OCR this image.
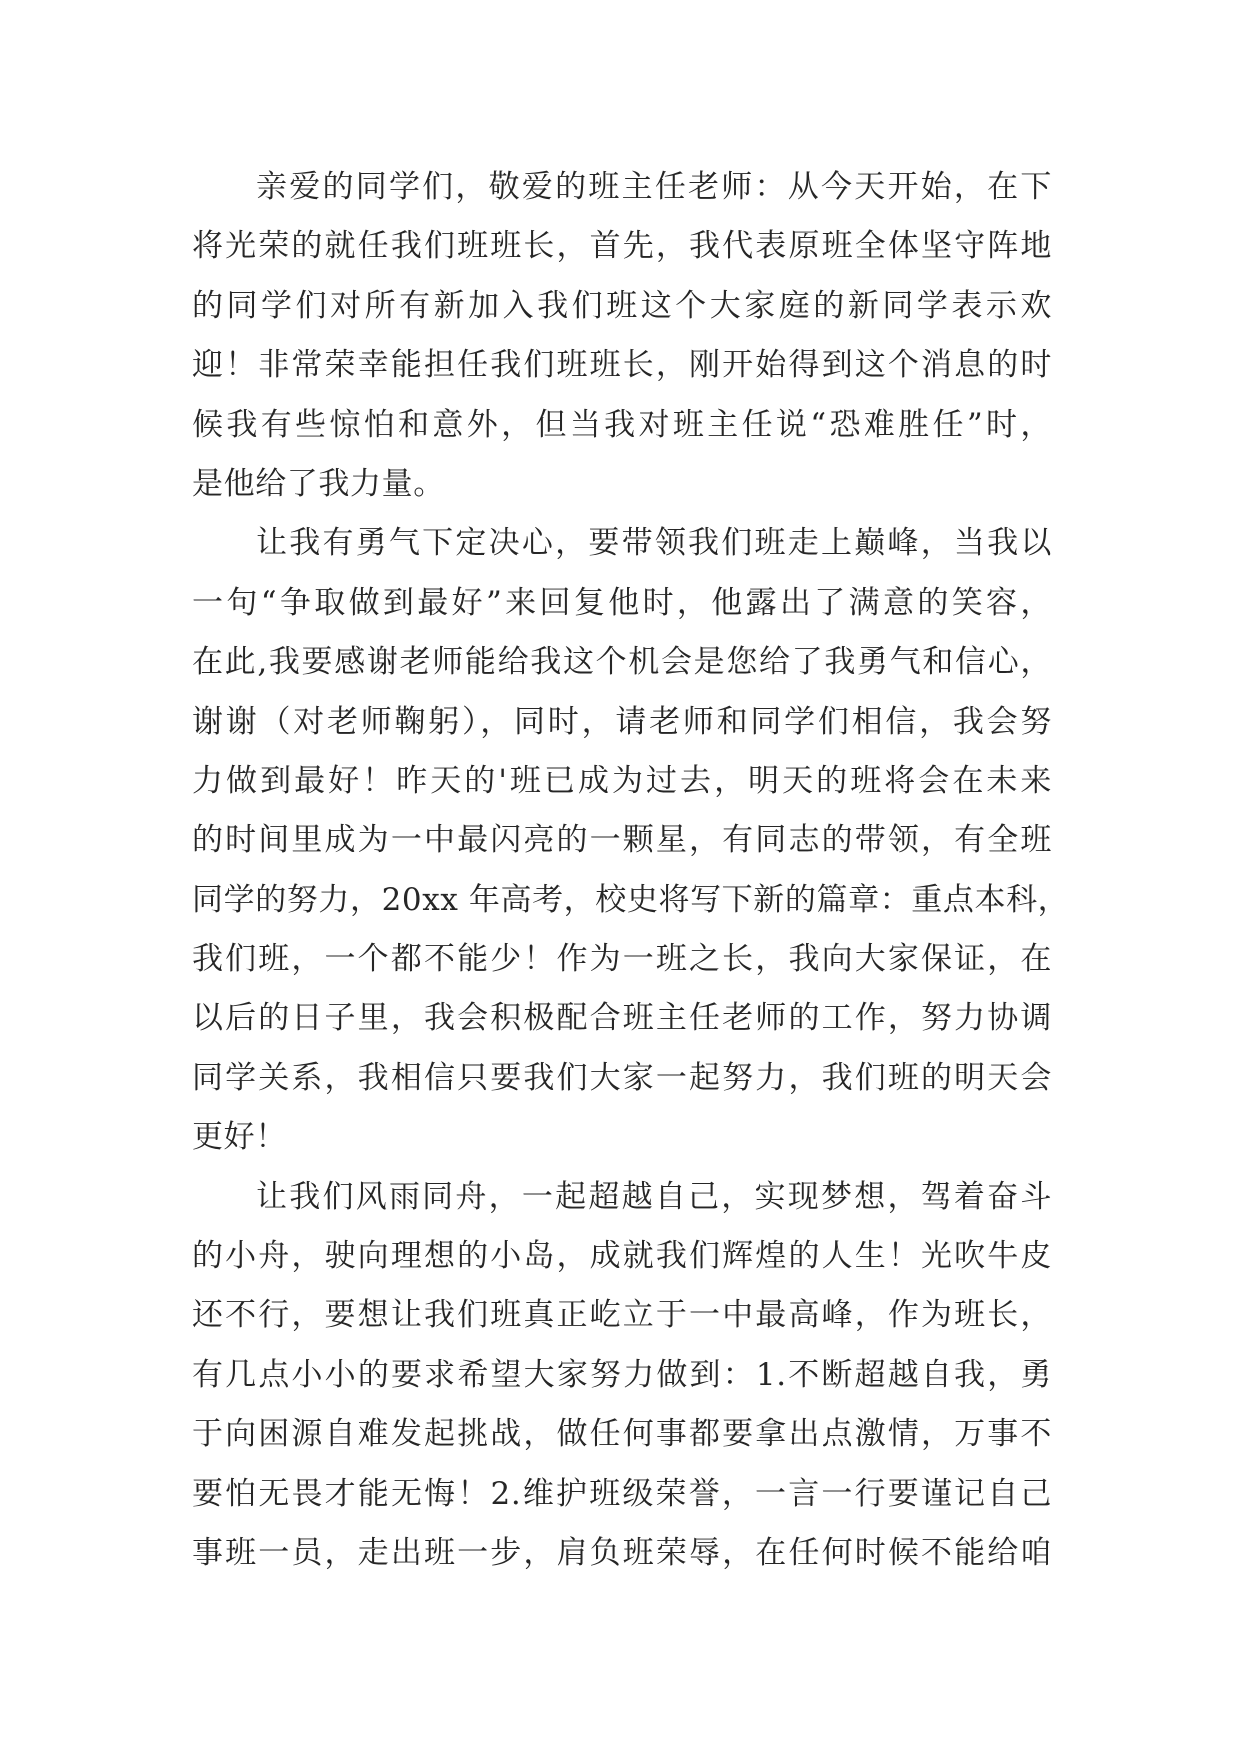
亲爱的同学们，敬爱的班主任老师：从今天开始，在下
将光荣的就任我们班班长，首先，我代表原班全体坚守阵地
的同学们对所有新加入我们班这个大家庭的新同学表示欢
迎！非常荣幸能担任我们班班长，刚开始得到这个消息的时
候我有些惊怕和意外，但当我对班主任说“恐难胜任”时，
是他给了我力量。
让我有勇气下定决心，要带领我们班走上巅峰，当我以
一句“争取做到最好”来回复他时，他露出了满意的笑容，
在此,我要感谢老师能给我这个机会是您给了我勇气和信心，
谢谢（对老师鞠躬），同时，请老师和同学们相信，我会努
力做到最好！昨天的'班已成为过去，明天的班将会在未来
的时间里成为一中最闪亮的一颗星，有同志的带领，有全班
同学的努力，20xx 年高考，校史将写下新的篇章：重点本科，
我们班，一个都不能少！作为一班之长，我向大家保证，在
以后的日子里，我会积极配合班主任老师的工作，努力协调
同学关系，我相信只要我们大家一起努力，我们班的明天会
更好！
让我们风雨同舟，一起超越自己，实现梦想，驾着奋斗
的小舟，驶向理想的小岛，成就我们辉煌的人生！光吹牛皮
还不行，要想让我们班真正屹立于一中最高峰，作为班长，
有几点小小的要求希望大家努力做到：1.不断超越自我，勇
于向困源自难发起挑战，做任何事都要拿出点激情，万事不
要怕无畏才能无悔！2.维护班级荣誉，一言一行要谨记自己
事班一员，走出班一步，肩负班荣辱，在任何时候不能给咱
